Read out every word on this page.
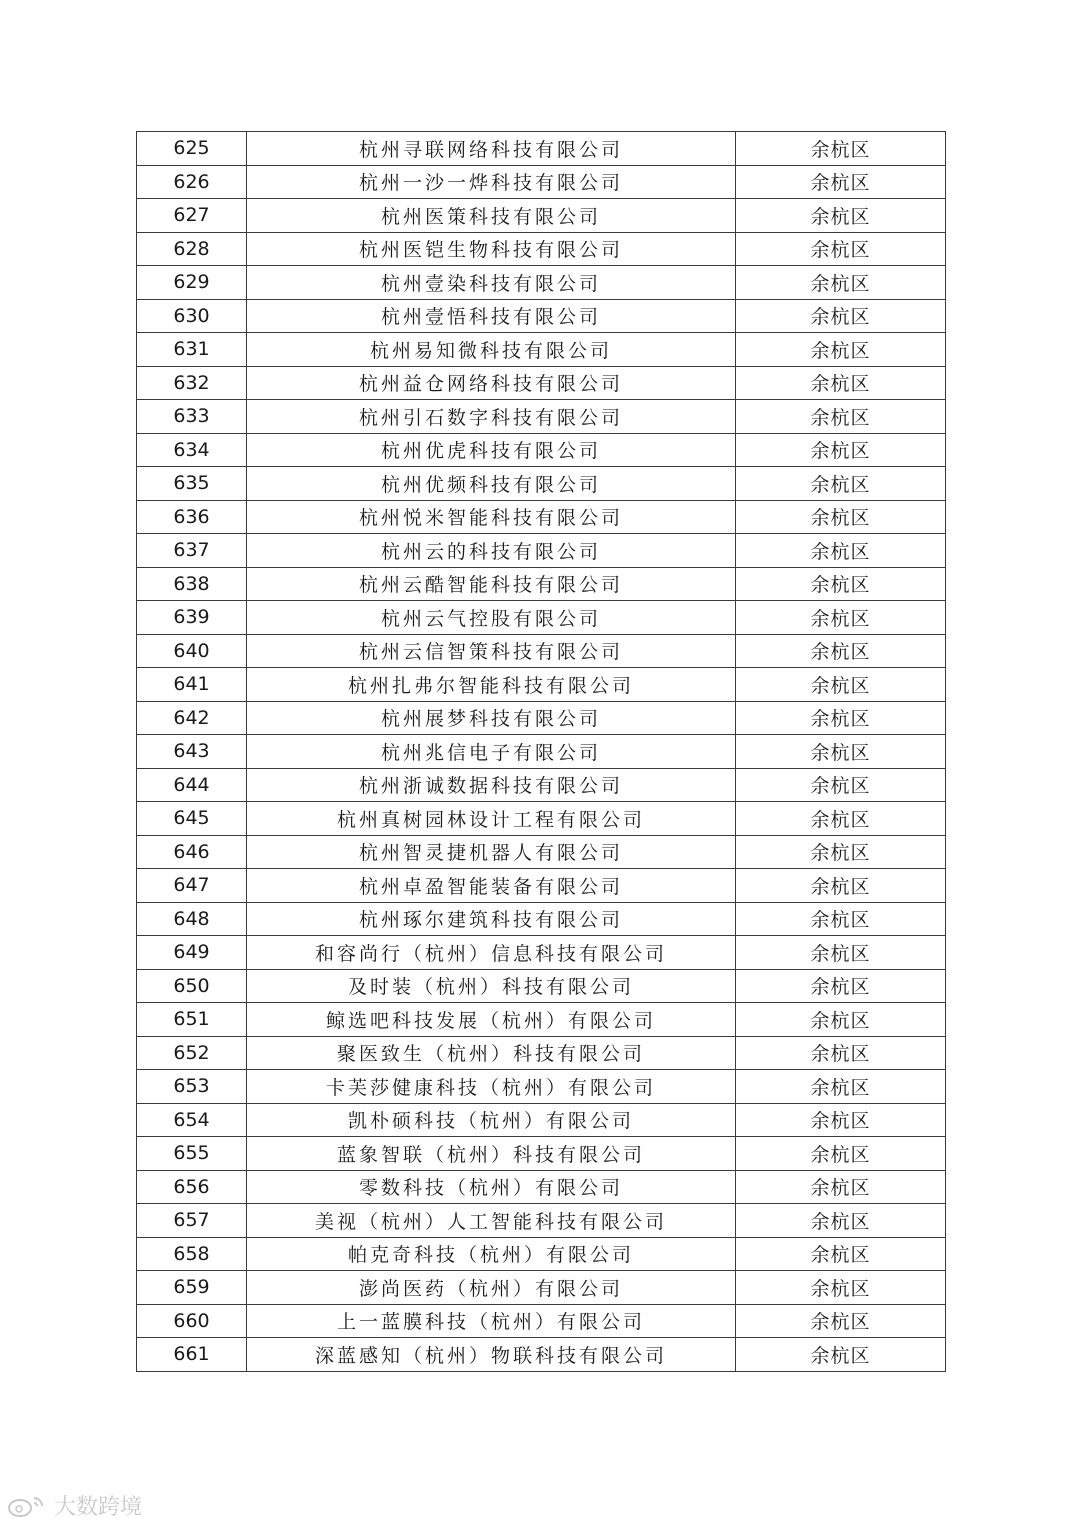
625	杭州寻联网络科技有限公司	余杭区
626	杭州一沙一烨科技有限公司	余杭区
627	杭州医策科技有限公司	余杭区
628	杭州医铠生物科技有限公司	余杭区
629	杭州壹染科技有限公司	余杭区
630	杭州壹悟科技有限公司	余杭区
631	杭州易知微科技有限公司	余杭区
632	杭州益仓网络科技有限公司	余杭区
633	杭州引石数字科技有限公司	余杭区
634	杭州优虎科技有限公司	余杭区
635	杭州优频科技有限公司	余杭区
636	杭州悦米智能科技有限公司	余杭区
637	杭州云的科技有限公司	余杭区
638	杭州云酷智能科技有限公司	余杭区
639	杭州云气控股有限公司	余杭区
640	杭州云信智策科技有限公司	余杭区
641	杭州扎弗尔智能科技有限公司	余杭区
642	杭州展梦科技有限公司	余杭区
643	杭州兆信电子有限公司	余杭区
644	杭州浙诚数据科技有限公司	余杭区
645	杭州真树园林设计工程有限公司	余杭区
646	杭州智灵捷机器人有限公司	余杭区
647	杭州卓盈智能装备有限公司	余杭区
648	杭州琢尔建筑科技有限公司	余杭区
649	和容尚行（杭州）信息科技有限公司	余杭区
650	及时装（杭州）科技有限公司	余杭区
651	鲸选吧科技发展（杭州）有限公司	余杭区
652	聚医致生（杭州）科技有限公司	余杭区
653	卡芙莎健康科技（杭州）有限公司	余杭区
654	凯朴硕科技（杭州）有限公司	余杭区
655	蓝象智联（杭州）科技有限公司	余杭区
656	零数科技（杭州）有限公司	余杭区
657	美视（杭州）人工智能科技有限公司	余杭区
658	帕克奇科技（杭州）有限公司	余杭区
659	澎尚医药（杭州）有限公司	余杭区
660	上一蓝膜科技（杭州）有限公司	余杭区
661	深蓝感知（杭州）物联科技有限公司	余杭区
大数跨境
